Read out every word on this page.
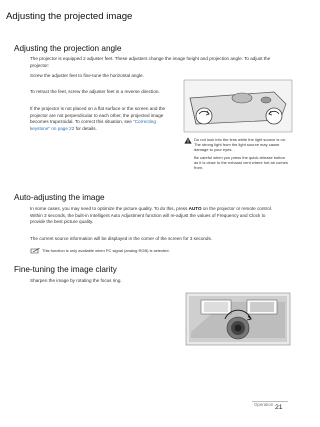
Adjusting the projected image
Adjusting the projection angle
The projector is equipped 2 adjuster feet. These adjusters change the image height and projection angle. To adjust the projector:
Screw the adjuster feet to fine-tune the horizontal angle.
To retract the feet, screw the adjuster feet in a reverse direction.
If the projector is not placed on a flat surface or the screen and the projector are not perpendicular to each other, the projected image becomes trapezoidal. To correct this situation, see "Correcting keystone" on page 22 for details.
Do not look into the lens while the light source is on. The strong light from the light source may cause damage to your eyes.
Be careful when you press the quick-release button as it is close to the exhaust vent where hot air comes from.
Auto-adjusting the image
In some cases, you may need to optimize the picture quality. To do this, press AUTO on the projector or remote control. Within 3 seconds, the built-in Intelligent Auto Adjustment function will re-adjust the values of Frequency and Clock to provide the best picture quality.
The current source information will be displayed in the corner of the screen for 3 seconds.
This function is only available when PC signal (analog RGB) is selected.
Fine-tuning the image clarity
Sharpen the image by rotating the focus ring.
Operation 21
